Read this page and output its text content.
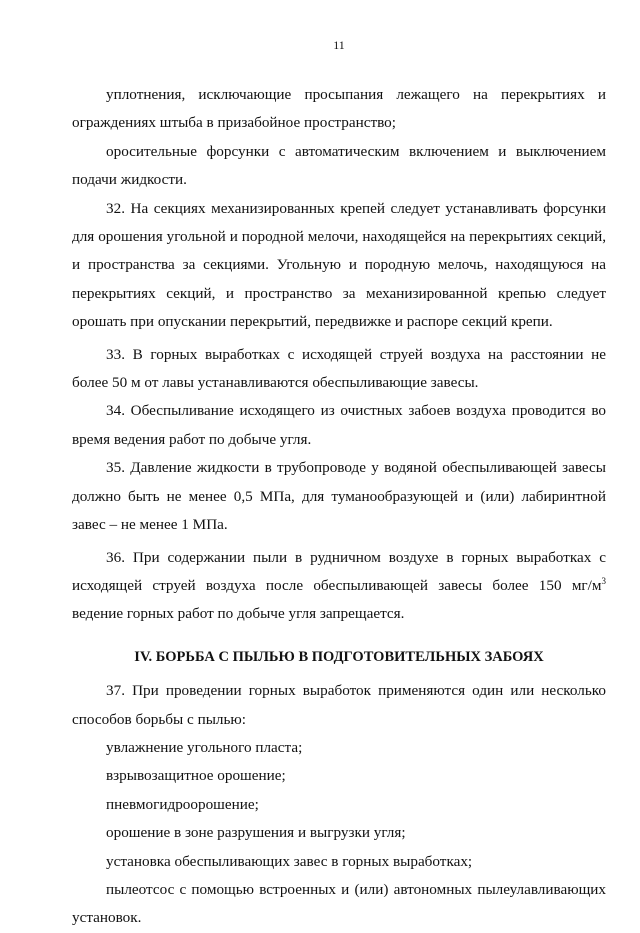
11

уплотнения, исключающие просыпания лежащего на перекрытиях и ограждениях штыба в призабойное пространство;

оросительные форсунки с автоматическим включением и выключением подачи жидкости.

32. На секциях механизированных крепей следует устанавливать форсунки для орошения угольной и породной мелочи, находящейся на перекрытиях секций, и пространства за секциями. Угольную и породную мелочь, находящуюся на перекрытиях секций, и пространство за механизированной крепью следует орошать при опускании перекрытий, передвижке и распоре секций крепи.

33. В горных выработках с исходящей струей воздуха на расстоянии не более 50 м от лавы устанавливаются обеспыливающие завесы.

34. Обеспыливание исходящего из очистных забоев воздуха проводится во время ведения работ по добыче угля.

35. Давление жидкости в трубопроводе у водяной обеспыливающей завесы должно быть не менее 0,5 МПа, для туманообразующей и (или) лабиринтной завес – не менее 1 МПа.

36. При содержании пыли в рудничном воздухе в горных выработках с исходящей струей воздуха после обеспыливающей завесы более 150 $мг/м^3$ ведение горных работ по добыче угля запрещается.

IV. БОРЬБА С ПЫЛЬЮ В ПОДГОТОВИТЕЛЬНЫХ ЗАБОЯХ

37. При проведении горных выработок применяются один или несколько способов борьбы с пылью:

увлажнение угольного пласта;

взрывозащитное орошение;

пневмогидроорошение;

орошение в зоне разрушения и выгрузки угля;

установка обеспыливающих завес в горных выработках;

пылеотсос с помощью встроенных и (или) автономных пылеулавливающих установок.
